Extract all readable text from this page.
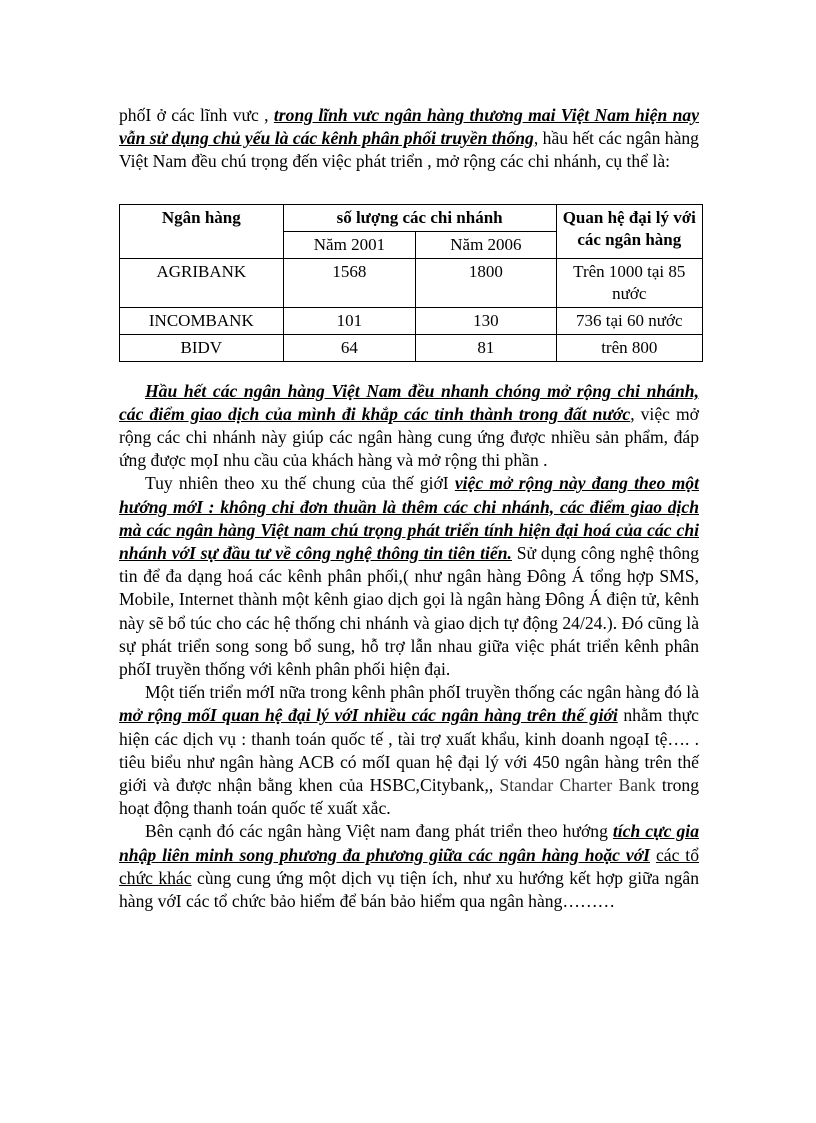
phốI ở các lĩnh vưc , trong lĩnh vưc ngân hàng thương mai Việt Nam hiện nay vẫn sử dụng chủ yếu là các kênh phân phối truyền thống, hầu hết các ngân hàng Việt Nam đều chú trọng đến việc phát triển , mở rộng các chi nhánh, cụ thể là:

Ngân hàng	số lượng các chi nhánh		Quan hệ đại lý với các ngân hàng
	Năm 2001	Năm 2006	
AGRIBANK	1568	1800	Trên 1000 tại 85 nước
INCOMBANK	101	130	736 tại 60 nước
BIDV	64	81	trên 800

Hầu hết các ngân hàng Việt Nam đều nhanh chóng mở rộng chi nhánh, các điểm giao dịch của mình đi khắp các tỉnh thành trong đất nước, việc mở rộng các chi nhánh này giúp các ngân hàng cung ứng được nhiều sản phẩm, đáp ứng được mọI nhu cầu của khách hàng và mở rộng thi phần .

Tuy nhiên theo xu thế chung của thế giớI việc mở rộng này đang theo một hướng mớI : không chỉ đơn thuần là thêm các chi nhánh, các điểm giao dịch mà các ngân hàng Việt nam chú trọng phát triển tính hiện đại hoá của các chi nhánh vớI sự đầu tư về công nghệ thông tin tiên tiến. Sử dụng công nghệ thông tin để đa dạng hoá các kênh phân phối,( như ngân hàng Đông Á tổng hợp SMS, Mobile, Internet thành một kênh giao dịch gọi là ngân hàng Đông Á điện tử, kênh này sẽ bổ túc cho các hệ thống chi nhánh và giao dịch tự động 24/24.). Đó cũng là sự phát triển song song bổ sung, hỗ trợ lẫn nhau giữa việc phát triển kênh phân phốI truyền thống với kênh phân phối hiện đại.

Một tiến triển mớI nữa trong kênh phân phốI truyền thống các ngân hàng đó là mở rộng mốI quan hệ đại lý vớI nhiều các ngân hàng trên thế giới nhằm thực hiện các dịch vụ : thanh toán quốc tế , tài trợ xuất khẩu, kinh doanh ngoạI tệ…. . tiêu biểu như ngân hàng ACB có mốI quan hệ đại lý với 450 ngân hàng trên thế giới và được nhận bằng khen của HSBC,Citybank,, Standar Charter Bank trong hoạt động thanh toán quốc tế xuất xắc.

Bên cạnh đó các ngân hàng Việt nam đang phát triển theo hướng tích cực gia nhập liên minh song phương đa phương giữa các ngân hàng hoặc vớI các tổ chức khác cùng cung ứng một dịch vụ tiện ích, như xu hướng kết hợp giữa ngân hàng vớI các tổ chức bảo hiểm để bán bảo hiểm qua ngân hàng………
